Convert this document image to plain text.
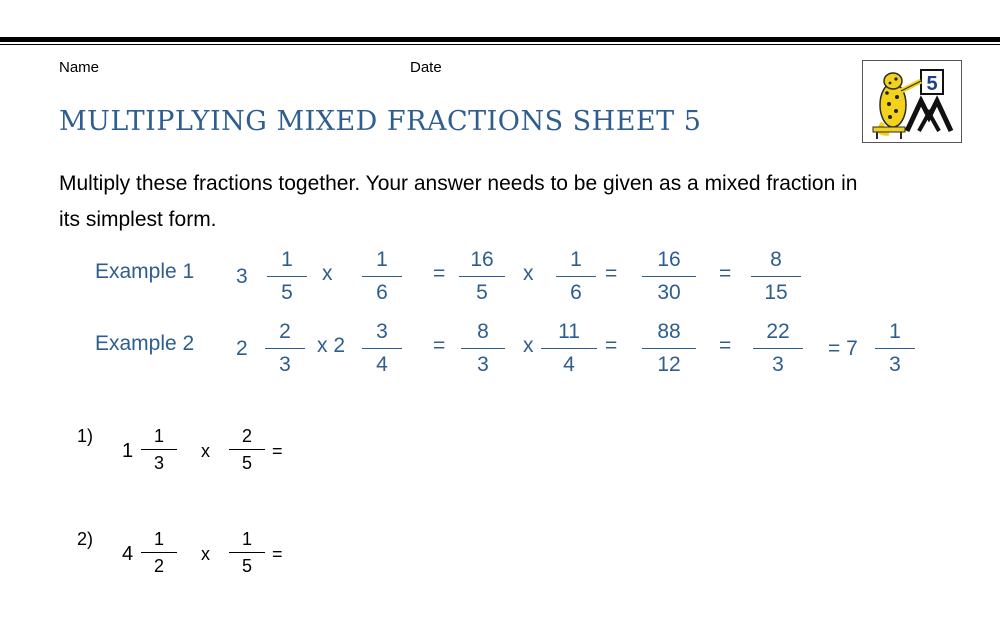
Name	Date
MULTIPLYING MIXED FRACTIONS SHEET 5
5
Multiply these fractions together. Your answer needs to be given as a mixed fraction in its simplest form.
Example 1 3
1
5
x
1
6
=
16
5
x
1
6
=
16
30
=
8
15
Example 2 2
2
3
x 2
3
4
=
8
3
x
11
4
=
88
12
=
22
3
= 7
1
3
1)
1
1
3
x
2
5
=
2)
4
1
2
x
1
5
=
